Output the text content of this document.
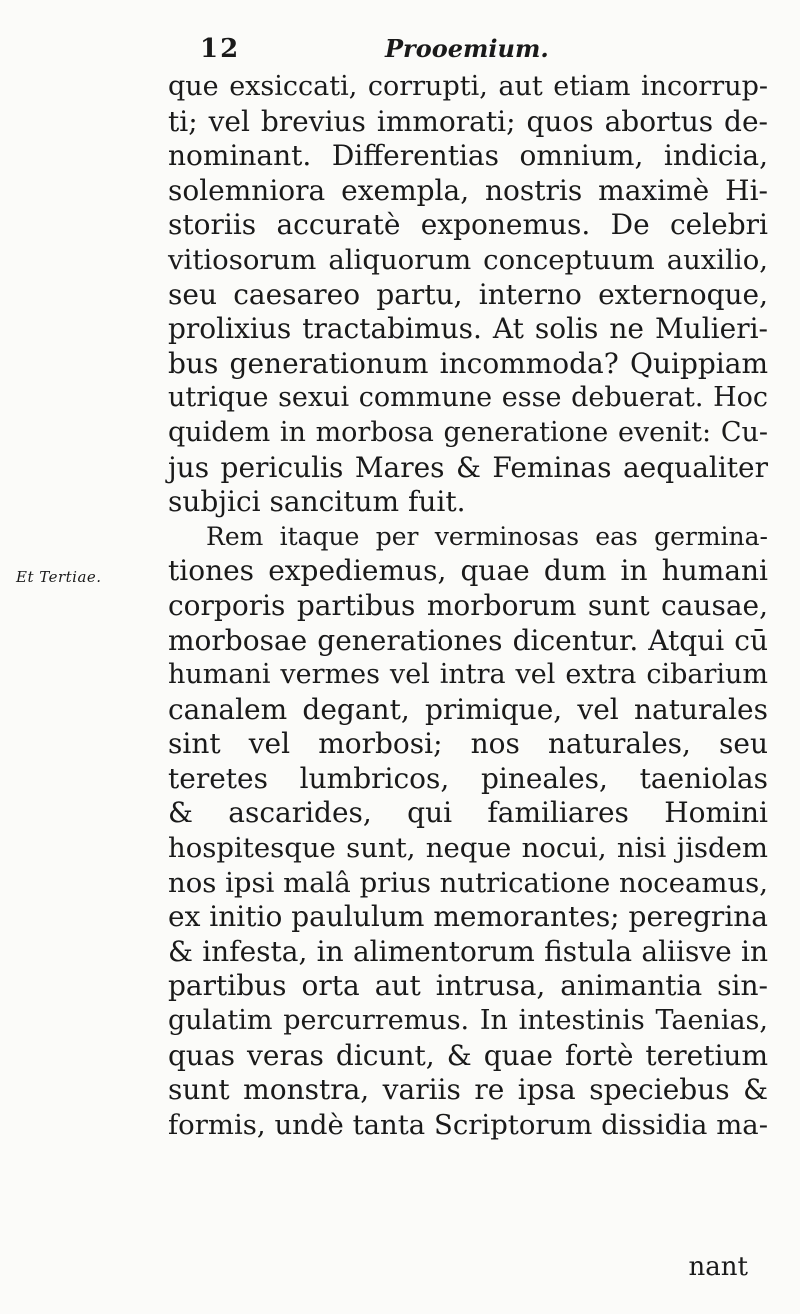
12	Prooemium.
Et Tertiae.
que exsiccati, corrupti, aut etiam incorrup-
ti; vel brevius immorati; quos abortus de-
nominant. Differentias omnium, indicia,
solemniora exempla, nostris maximè Hi-
storiis accuratè exponemus. De celebri
vitiosorum aliquorum conceptuum auxilio,
seu caesareo partu, interno externoque,
prolixius tractabimus. At solis ne Mulieri-
bus generationum incommoda? Quippiam
utrique sexui commune esse debuerat. Hoc
quidem in morbosa generatione evenit: Cu-
jus periculis Mares & Feminas aequaliter
subjici sancitum fuit.
Rem itaque per verminosas eas germina-
tiones expediemus, quae dum in humani
corporis partibus morborum sunt causae,
morbosae generationes dicentur. Atqui cū
humani vermes vel intra vel extra cibarium
canalem degant, primique, vel naturales
sint vel morbosi; nos naturales, seu
teretes lumbricos, pineales, taeniolas
& ascarides, qui familiares Homini
hospitesque sunt, neque nocui, nisi jisdem
nos ipsi malâ prius nutricatione noceamus,
ex initio paululum memorantes; peregrina
& infesta, in alimentorum fistula aliisve in
partibus orta aut intrusa, animantia sin-
gulatim percurremus. In intestinis Taenias,
quas veras dicunt, & quae fortè teretium
sunt monstra, variis re ipsa speciebus &
formis, undè tanta Scriptorum dissidia ma-
nant
